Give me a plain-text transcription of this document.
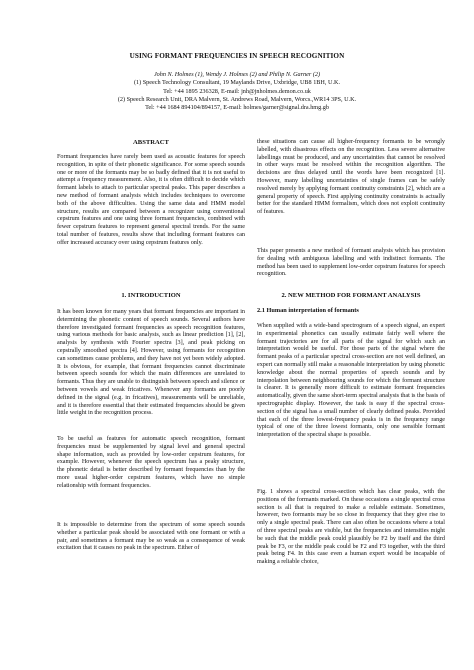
USING FORMANT FREQUENCIES IN SPEECH RECOGNITION
John N. Holmes (1), Wendy J. Holmes (2) and Philip N. Garner (2)
(1) Speech Technology Consultant, 19 Maylands Drive, Uxbridge, UB8 1BH, U.K.
Tel: +44 1895 236328, E-mail: jnh@jnholmes.demon.co.uk
(2) Speech Research Unit, DRA Malvern, St. Andrews Road, Malvern, Worcs.,WR14 3PS, U.K.
Tel: +44 1684 894104/894157, E-mail: holmes/garner@signal.dra.hmg.gb
ABSTRACT

Formant frequencies have rarely been used as acoustic features for speech recognition, in spite of their phonetic significance. For some speech sounds one or more of the formants may be so badly defined that it is not useful to attempt a frequency measurement. Also, it is often difficult to decide which formant labels to attach to particular spectral peaks. This paper describes a new method of formant analysis which includes techniques to overcome both of the above difficulties. Using the same data and HMM model structure, results are compared between a recognizer using conventional cepstrum features and one using three formant frequencies, combined with fewer cepstrum features to represent general spectral trends. For the same total number of features, results show that including formant features can offer increased accuracy over using cepstrum features only.

1. INTRODUCTION

It has been known for many years that formant frequencies are important in determining the phonetic content of speech sounds. Several authors have therefore investigated formant frequencies as speech recognition features, using various methods for basic analysis, such as linear prediction [1], [2], analysis by synthesis with Fourier spectra [3], and peak picking on cepstrally smoothed spectra [4]. However, using formants for recognition can sometimes cause problems, and they have not yet been widely adopted. It is obvious, for example, that formant frequencies cannot discriminate between speech sounds for which the main differences are unrelated to formants. Thus they are unable to distinguish between speech and silence or between vowels and weak fricatives. Whenever any formants are poorly defined in the signal (e.g. in fricatives), measurements will be unreliable, and it is therefore essential that their estimated frequencies should be given little weight in the recognition process.

To be useful as features for automatic speech recognition, formant frequencies must be supplemented by signal level and general spectral shape information, such as provided by low-order cepstrum features, for example. However, whenever the speech spectrum has a peaky structure, the phonetic detail is better described by formant frequencies than by the more usual higher-order cepstrum features, which have no simple relationship with formant frequencies.

It is impossible to determine from the spectrum of some speech sounds whether a particular peak should be associated with one formant or with a pair, and sometimes a formant may be so weak as a consequence of weak excitation that it causes no peak in the spectrum. Either of

these situations can cause all higher-frequency formants to be wrongly labelled, with disastrous effects on the recognition. Less severe alternative labellings must be produced, and any uncertainties that cannot be resolved in other ways must be resolved within the recognition algorithm. The decisions are thus delayed until the words have been recognized [1]. However, many labelling uncertainties of single frames can be safely resolved merely by applying formant continuity constraints [2], which are a general property of speech. First applying continuity constraints is actually better for the standard HMM formalism, which does not exploit continuity of features.

This paper presents a new method of formant analysis which has provision for dealing with ambiguous labelling and with indistinct formants. The method has been used to supplement low-order cepstrum features for speech recognition.

2. NEW METHOD FOR FORMANT ANALYSIS
2.1 Human interpretation of formants

When supplied with a wide-band spectrogram of a speech signal, an expert in experimental phonetics can usually estimate fairly well where the formant trajectories are for all parts of the signal for which such an interpretation would be useful. For those parts of the signal where the formant peaks of a particular spectral cross-section are not well defined, an expert can normally still make a reasonable interpretation by using phonetic knowledge about the normal properties of speech sounds and by interpolation between neighbouring sounds for which the formant structure is clearer. It is generally more difficult to estimate formant frequencies automatically, given the same short-term spectral analysis that is the basis of spectrographic display. However, the task is easy if the spectral cross-section of the signal has a small number of clearly defined peaks. Provided that each of the three lowest-frequency peaks is in the frequency range typical of one of the three lowest formants, only one sensible formant interpretation of the spectral shape is possible.

Fig. 1 shows a spectral cross-section which has clear peaks, with the positions of the formants marked. On these occasions a single spectral cross section is all that is required to make a reliable estimate. Sometimes, however, two formants may be so close in frequency that they give rise to only a single spectral peak. There can also often be occasions where a total of three spectral peaks are visible, but the frequencies and intensities might be such that the middle peak could plausibly be F2 by itself and the third peak be F3, or the middle peak could be F2 and F3 together, with the third peak being F4. In this case even a human expert would be incapable of making a reliable choice,
